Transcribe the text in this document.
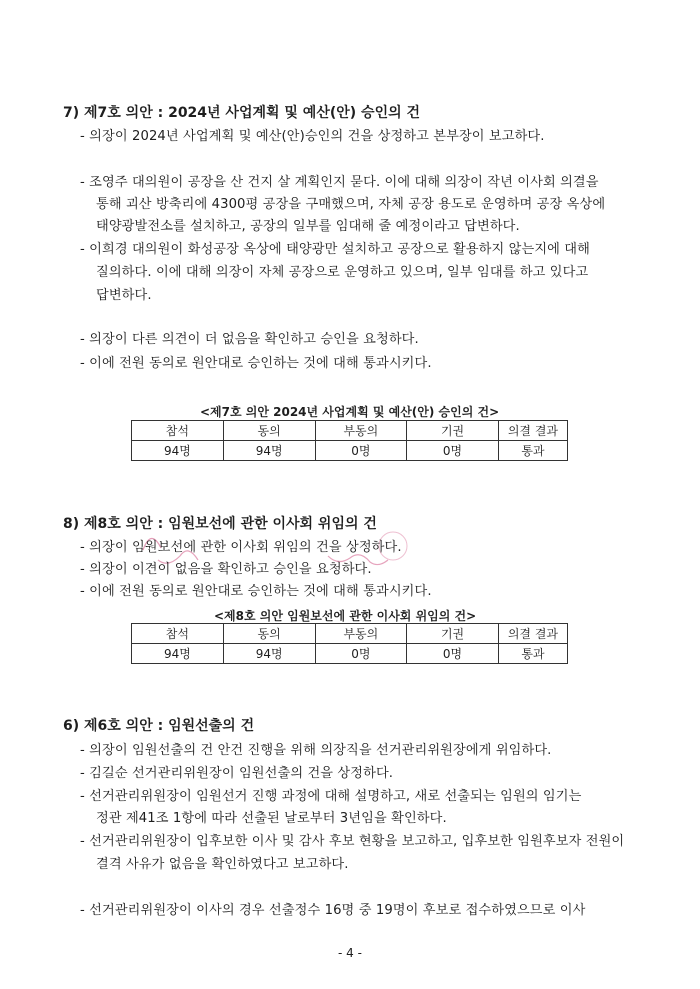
7) 제7호 의안 : 2024년 사업계획 및 예산(안) 승인의 건
- 의장이 2024년 사업계획 및 예산(안)승인의 건을 상정하고 본부장이 보고하다.
- 조영주 대의원이 공장을 산 건지 살 계획인지 묻다. 이에 대해 의장이 작년 이사회 의결을
통해 괴산 방축리에 4300평 공장을 구매했으며, 자체 공장 용도로 운영하며 공장 옥상에
태양광발전소를 설치하고, 공장의 일부를 임대해 줄 예정이라고 답변하다.
- 이희경 대의원이 화성공장 옥상에 태양광만 설치하고 공장으로 활용하지 않는지에 대해
질의하다. 이에 대해 의장이 자체 공장으로 운영하고 있으며, 일부 임대를 하고 있다고
답변하다.
- 의장이 다른 의견이 더 없음을 확인하고 승인을 요청하다.
- 이에 전원 동의로 원안대로 승인하는 것에 대해 통과시키다.
<제7호 의안 2024년 사업계획 및 예산(안) 승인의 건>
참석	동의	부동의	기권	의결 결과
94명	94명	0명	0명	통과
8) 제8호 의안 : 임원보선에 관한 이사회 위임의 건
- 의장이 임원보선에 관한 이사회 위임의 건을 상정하다.
- 의장이 이견이 없음을 확인하고 승인을 요청하다.
- 이에 전원 동의로 원안대로 승인하는 것에 대해 통과시키다.
<제8호 의안 임원보선에 관한 이사회 위임의 건>
참석	동의	부동의	기권	의결 결과
94명	94명	0명	0명	통과
6) 제6호 의안 : 임원선출의 건
- 의장이 임원선출의 건 안건 진행을 위해 의장직을 선거관리위원장에게 위임하다.
- 김길순 선거관리위원장이 임원선출의 건을 상정하다.
- 선거관리위원장이 임원선거 진행 과정에 대해 설명하고, 새로 선출되는 임원의 임기는
정관 제41조 1항에 따라 선출된 날로부터 3년임을 확인하다.
- 선거관리위원장이 입후보한 이사 및 감사 후보 현황을 보고하고, 입후보한 임원후보자 전원이
결격 사유가 없음을 확인하였다고 보고하다.
- 선거관리위원장이 이사의 경우 선출정수 16명 중 19명이 후보로 접수하였으므로 이사
- 4 -
